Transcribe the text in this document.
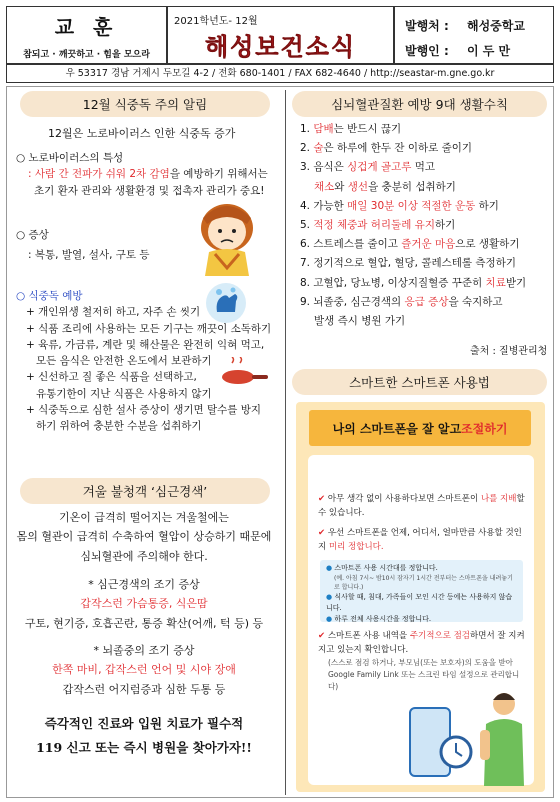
교 훈
참되고 · 깨끗하고 · 힘을 모으라
2021학년도- 12월
해성보건소식
발행처 :	해성중학교
발행인 :	이 두 만
우 53317 경남 거제시 두모길 4-2 / 전화 680-1401 / FAX 682-4640 / http://seastar-m.gne.go.kr
12월 식중독 주의 알림
12월은 노로바이러스 인한 식중독 증가
○ 노로바이러스의 특성
: 사람 간 전파가 쉬워 2차 감염을 예방하기 위해서는
초기 환자 관리와 생활환경 및 접촉자 관리가 중요!
○ 증상
: 복통, 발열, 설사, 구토 등
○ 식중독 예방
+ 개인위생 철저히 하고, 자주 손 씻기
+ 식품 조리에 사용하는 모든 기구는 깨끗이 소독하기
+ 육류, 가금류, 계란 및 해산물은 완전히 익혀 먹고,
모든 음식은 안전한 온도에서 보관하기
+ 신선하고 질 좋은 식품을 선택하고,
유통기한이 지난 식품은 사용하지 않기
+ 식중독으로 심한 설사 증상이 생기면 탈수를 방지
하기 위하여 충분한 수분을 섭취하기
겨울 불청객 ‘심근경색’
기온이 급격히 떨어지는 겨울철에는
몸의 혈관이 급격히 수축하여 혈압이 상승하기 때문에
심뇌혈관에 주의해야 한다.
* 심근경색의 조기 증상
갑작스런 가슴통증, 식은땀
구토, 현기증, 호흡곤란, 통증 확산(어깨, 턱 등) 등
* 뇌졸중의 조기 증상
한쪽 마비, 갑작스런 언어 및 시야 장애
갑작스런 어지럼증과 심한 두통 등
즉각적인 진료와 입원 치료가 필수적
119 신고 또는 즉시 병원을 찾아가자!!
심뇌혈관질환 예방 9대 생활수칙
1. 담배는 반드시 끊기
2. 술은 하루에 한두 잔 이하로 줄이기
3. 음식은 싱겁게 골고루 먹고
채소와 생선을 충분히 섭취하기
4. 가능한 매일 30분 이상 적절한 운동 하기
5. 적정 체중과 허리둘레 유지하기
6. 스트레스를 줄이고 즐거운 마음으로 생활하기
7. 정기적으로 혈압, 혈당, 콜레스테롤 측정하기
8. 고혈압, 당뇨병, 이상지질혈증 꾸준히 치료받기
9. 뇌졸중, 심근경색의 응급 증상을 숙지하고
발생 즉시 병원 가기
출처 : 질병관리청
스마트한 스마트폰 사용법
나의 스마트폰을 잘 알고 조절하기
✔ 아무 생각 없이 사용하다보면 스마트폰이 나를 지배할 수 있습니다.
✔ 우선 스마트폰을 언제, 어디서, 얼마만큼 사용할 것인지 미리 정합니다.
● 스마트폰 사용 시간대를 정합니다.
(예. 아침 7시~ 밤10시 잠자기 1시간 전부터는 스마트폰을 내려놓기로 합니다.)
● 식사할 때, 침대, 가족들이 모인 시간 등에는 사용하지 않습니다.
● 하루 전체 사용시간을 정합니다.
✔ 스마트폰 사용 내역을 주기적으로 점검하면서 잘 지켜지고 있는지 확인합니다.
(스스로 점검 하거나, 부모님(또는 보호자)의 도움을 받아 Google Family Link 또는 스크린 타임 설정으로 관리합니다)
